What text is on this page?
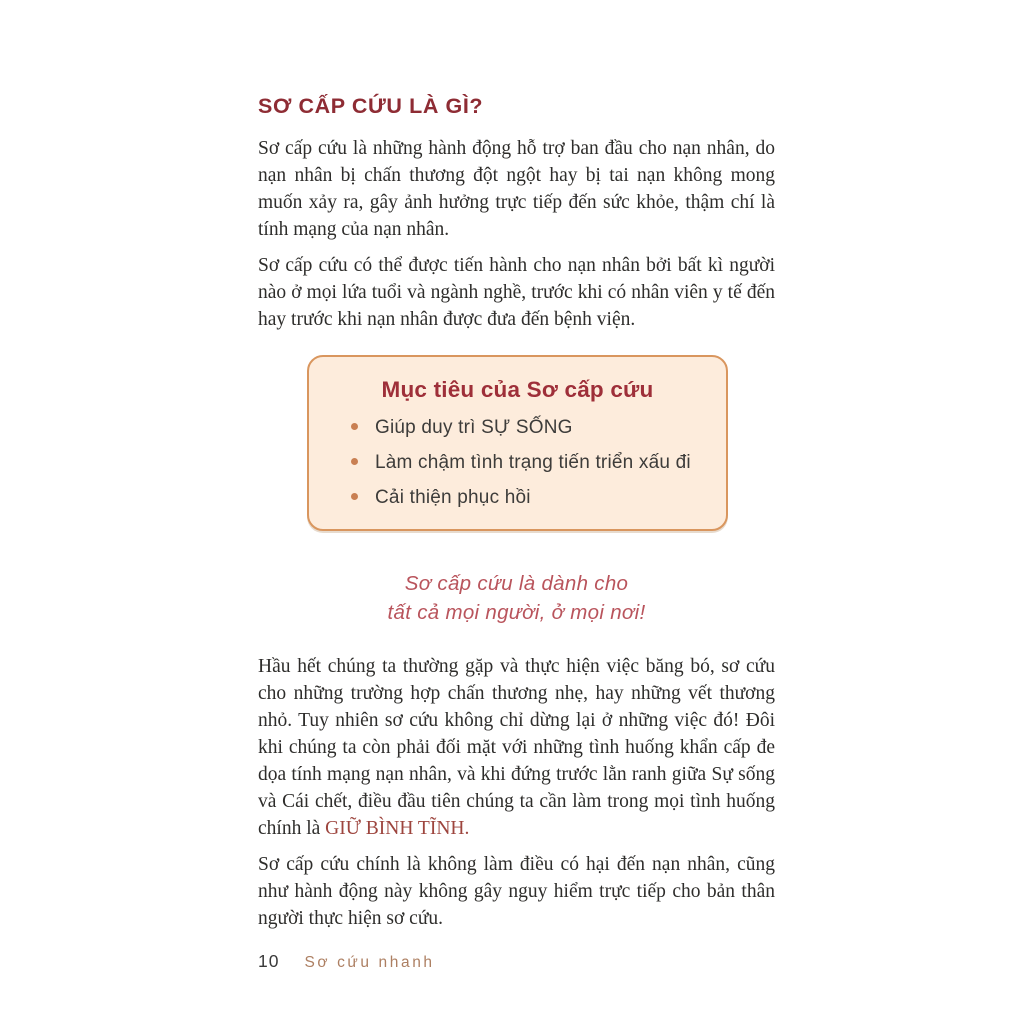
SƠ CẤP CỨU LÀ GÌ?

Sơ cấp cứu là những hành động hỗ trợ ban đầu cho nạn nhân, do nạn nhân bị chấn thương đột ngột hay bị tai nạn không mong muốn xảy ra, gây ảnh hưởng trực tiếp đến sức khỏe, thậm chí là tính mạng của nạn nhân.

Sơ cấp cứu có thể được tiến hành cho nạn nhân bởi bất kì người nào ở mọi lứa tuổi và ngành nghề, trước khi có nhân viên y tế đến hay trước khi nạn nhân được đưa đến bệnh viện.

Mục tiêu của Sơ cấp cứu
Giúp duy trì SỰ SỐNG
Làm chậm tình trạng tiến triển xấu đi
Cải thiện phục hồi
Sơ cấp cứu là dành cho
tất cả mọi người, ở mọi nơi!

Hầu hết chúng ta thường gặp và thực hiện việc băng bó, sơ cứu cho những trường hợp chấn thương nhẹ, hay những vết thương nhỏ. Tuy nhiên sơ cứu không chỉ dừng lại ở những việc đó! Đôi khi chúng ta còn phải đối mặt với những tình huống khẩn cấp đe dọa tính mạng nạn nhân, và khi đứng trước lằn ranh giữa Sự sống và Cái chết, điều đầu tiên chúng ta cần làm trong mọi tình huống chính là GIỮ BÌNH TĨNH.

Sơ cấp cứu chính là không làm điều có hại đến nạn nhân, cũng như hành động này không gây nguy hiểm trực tiếp cho bản thân người thực hiện sơ cứu.

10 Sơ cứu nhanh
